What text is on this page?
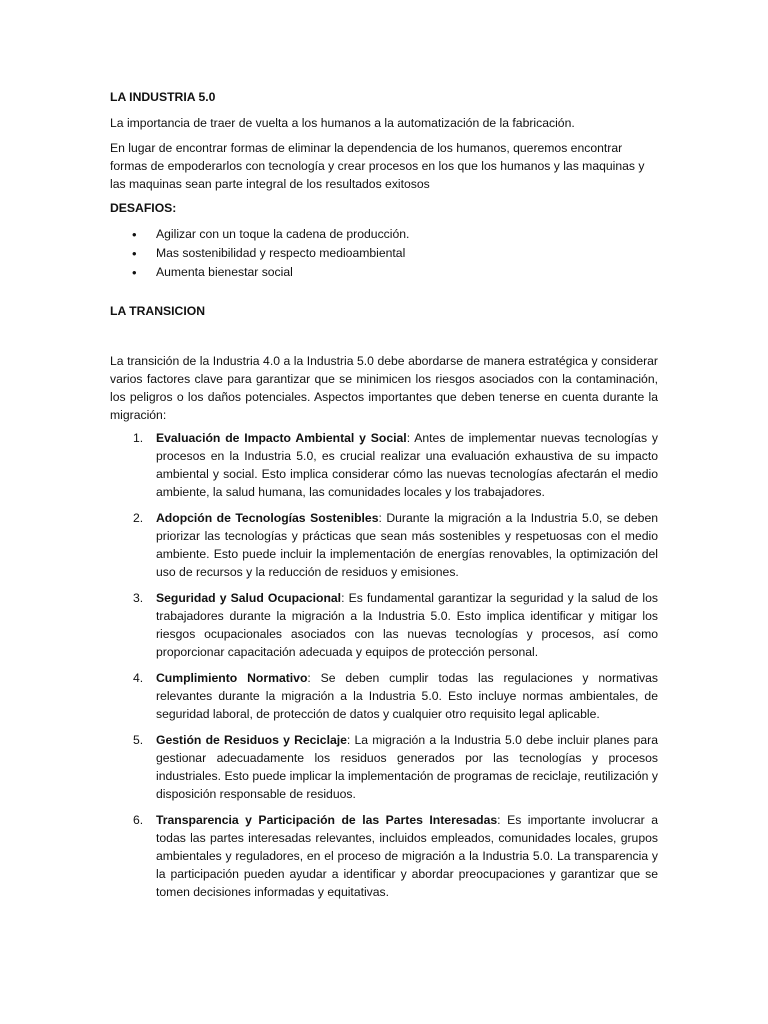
LA INDUSTRIA 5.0

La importancia de traer de vuelta a los humanos a la automatización de la fabricación.

En lugar de encontrar formas de eliminar la dependencia de los humanos, queremos encontrar formas de empoderarlos con tecnología y crear procesos en los que los humanos y las maquinas y las maquinas sean parte integral de los resultados exitosos

DESAFIOS:

• Agilizar con un toque la cadena de producción.
• Mas sostenibilidad y respecto medioambiental
• Aumenta bienestar social

LA TRANSICION

La transición de la Industria 4.0 a la Industria 5.0 debe abordarse de manera estratégica y considerar varios factores clave para garantizar que se minimicen los riesgos asociados con la contaminación, los peligros o los daños potenciales. Aspectos importantes que deben tenerse en cuenta durante la migración:

1. Evaluación de Impacto Ambiental y Social: Antes de implementar nuevas tecnologías y procesos en la Industria 5.0, es crucial realizar una evaluación exhaustiva de su impacto ambiental y social. Esto implica considerar cómo las nuevas tecnologías afectarán el medio ambiente, la salud humana, las comunidades locales y los trabajadores.
2. Adopción de Tecnologías Sostenibles: Durante la migración a la Industria 5.0, se deben priorizar las tecnologías y prácticas que sean más sostenibles y respetuosas con el medio ambiente. Esto puede incluir la implementación de energías renovables, la optimización del uso de recursos y la reducción de residuos y emisiones.
3. Seguridad y Salud Ocupacional: Es fundamental garantizar la seguridad y la salud de los trabajadores durante la migración a la Industria 5.0. Esto implica identificar y mitigar los riesgos ocupacionales asociados con las nuevas tecnologías y procesos, así como proporcionar capacitación adecuada y equipos de protección personal.
4. Cumplimiento Normativo: Se deben cumplir todas las regulaciones y normativas relevantes durante la migración a la Industria 5.0. Esto incluye normas ambientales, de seguridad laboral, de protección de datos y cualquier otro requisito legal aplicable.
5. Gestión de Residuos y Reciclaje: La migración a la Industria 5.0 debe incluir planes para gestionar adecuadamente los residuos generados por las tecnologías y procesos industriales. Esto puede implicar la implementación de programas de reciclaje, reutilización y disposición responsable de residuos.
6. Transparencia y Participación de las Partes Interesadas: Es importante involucrar a todas las partes interesadas relevantes, incluidos empleados, comunidades locales, grupos ambientales y reguladores, en el proceso de migración a la Industria 5.0. La transparencia y la participación pueden ayudar a identificar y abordar preocupaciones y garantizar que se tomen decisiones informadas y equitativas.
